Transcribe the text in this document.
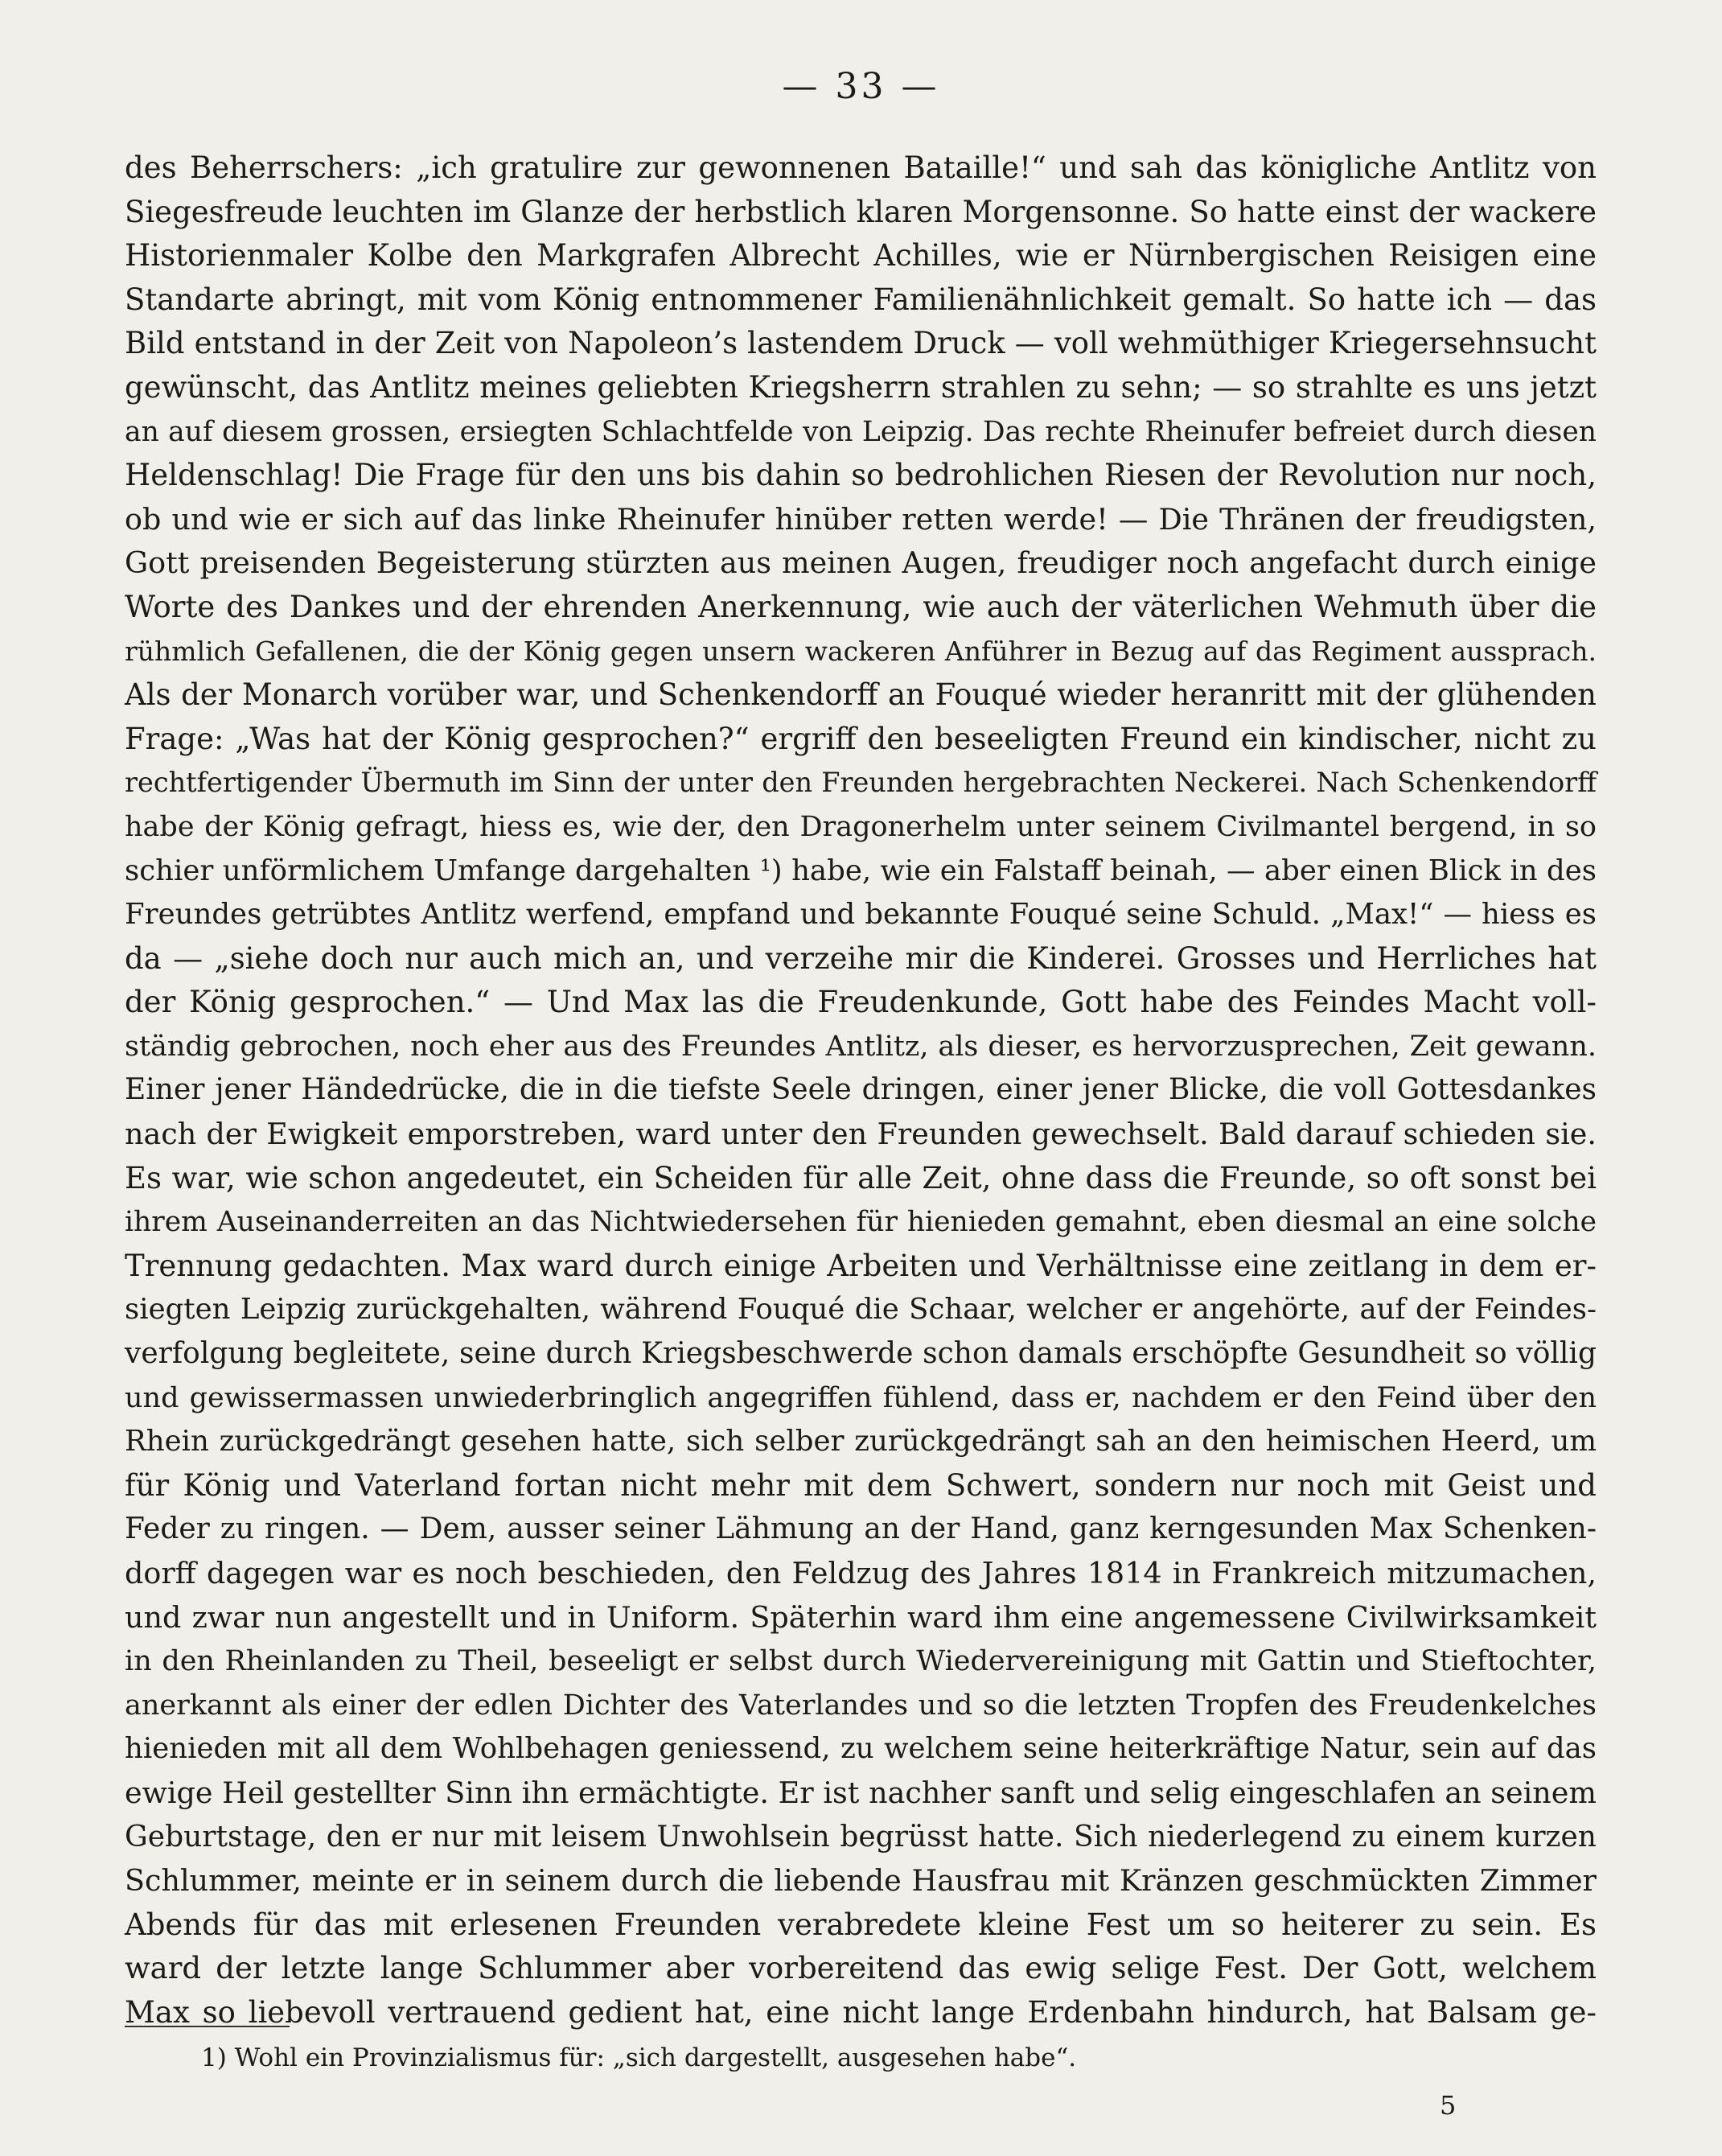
— 33 —
des Beherrschers: „ich gratulire zur gewonnenen Bataille!“ und sah das königliche Antlitz von
Siegesfreude leuchten im Glanze der herbstlich klaren Morgensonne. So hatte einst der wackere
Historienmaler Kolbe den Markgrafen Albrecht Achilles, wie er Nürnbergischen Reisigen eine
Standarte abringt, mit vom König entnommener Familienähnlichkeit gemalt. So hatte ich — das
Bild entstand in der Zeit von Napoleon’s lastendem Druck — voll wehmüthiger Kriegersehnsucht
gewünscht, das Antlitz meines geliebten Kriegsherrn strahlen zu sehn; — so strahlte es uns jetzt
an auf diesem grossen, ersiegten Schlachtfelde von Leipzig. Das rechte Rheinufer befreiet durch diesen
Heldenschlag! Die Frage für den uns bis dahin so bedrohlichen Riesen der Revolution nur noch,
ob und wie er sich auf das linke Rheinufer hinüber retten werde! — Die Thränen der freudigsten,
Gott preisenden Begeisterung stürzten aus meinen Augen, freudiger noch angefacht durch einige
Worte des Dankes und der ehrenden Anerkennung, wie auch der väterlichen Wehmuth über die
rühmlich Gefallenen, die der König gegen unsern wackeren Anführer in Bezug auf das Regiment aussprach.
Als der Monarch vorüber war, und Schenkendorff an Fouqué wieder heranritt mit der glühenden
Frage: „Was hat der König gesprochen?“ ergriff den beseeligten Freund ein kindischer, nicht zu
rechtfertigender Übermuth im Sinn der unter den Freunden hergebrachten Neckerei. Nach Schenkendorff
habe der König gefragt, hiess es, wie der, den Dragonerhelm unter seinem Civilmantel bergend, in so
schier unförmlichem Umfange dargehalten ¹) habe, wie ein Falstaff beinah, — aber einen Blick in des
Freundes getrübtes Antlitz werfend, empfand und bekannte Fouqué seine Schuld. „Max!“ — hiess es
da — „siehe doch nur auch mich an, und verzeihe mir die Kinderei. Grosses und Herrliches hat
der König gesprochen.“ — Und Max las die Freudenkunde, Gott habe des Feindes Macht voll-
ständig gebrochen, noch eher aus des Freundes Antlitz, als dieser, es hervorzusprechen, Zeit gewann.
Einer jener Händedrücke, die in die tiefste Seele dringen, einer jener Blicke, die voll Gottesdankes
nach der Ewigkeit emporstreben, ward unter den Freunden gewechselt. Bald darauf schieden sie.
Es war, wie schon angedeutet, ein Scheiden für alle Zeit, ohne dass die Freunde, so oft sonst bei
ihrem Auseinanderreiten an das Nichtwiedersehen für hienieden gemahnt, eben diesmal an eine solche
Trennung gedachten. Max ward durch einige Arbeiten und Verhältnisse eine zeitlang in dem er-
siegten Leipzig zurückgehalten, während Fouqué die Schaar, welcher er angehörte, auf der Feindes-
verfolgung begleitete, seine durch Kriegsbeschwerde schon damals erschöpfte Gesundheit so völlig
und gewissermassen unwiederbringlich angegriffen fühlend, dass er, nachdem er den Feind über den
Rhein zurückgedrängt gesehen hatte, sich selber zurückgedrängt sah an den heimischen Heerd, um
für König und Vaterland fortan nicht mehr mit dem Schwert, sondern nur noch mit Geist und
Feder zu ringen. — Dem, ausser seiner Lähmung an der Hand, ganz kerngesunden Max Schenken-
dorff dagegen war es noch beschieden, den Feldzug des Jahres 1814 in Frankreich mitzumachen,
und zwar nun angestellt und in Uniform. Späterhin ward ihm eine angemessene Civilwirksamkeit
in den Rheinlanden zu Theil, beseeligt er selbst durch Wiedervereinigung mit Gattin und Stieftochter,
anerkannt als einer der edlen Dichter des Vaterlandes und so die letzten Tropfen des Freudenkelches
hienieden mit all dem Wohlbehagen geniessend, zu welchem seine heiterkräftige Natur, sein auf das
ewige Heil gestellter Sinn ihn ermächtigte. Er ist nachher sanft und selig eingeschlafen an seinem
Geburtstage, den er nur mit leisem Unwohlsein begrüsst hatte. Sich niederlegend zu einem kurzen
Schlummer, meinte er in seinem durch die liebende Hausfrau mit Kränzen geschmückten Zimmer
Abends für das mit erlesenen Freunden verabredete kleine Fest um so heiterer zu sein. Es
ward der letzte lange Schlummer aber vorbereitend das ewig selige Fest. Der Gott, welchem
Max so liebevoll vertrauend gedient hat, eine nicht lange Erdenbahn hindurch, hat Balsam ge-
1) Wohl ein Provinzialismus für: „sich dargestellt, ausgesehen habe“.
5
